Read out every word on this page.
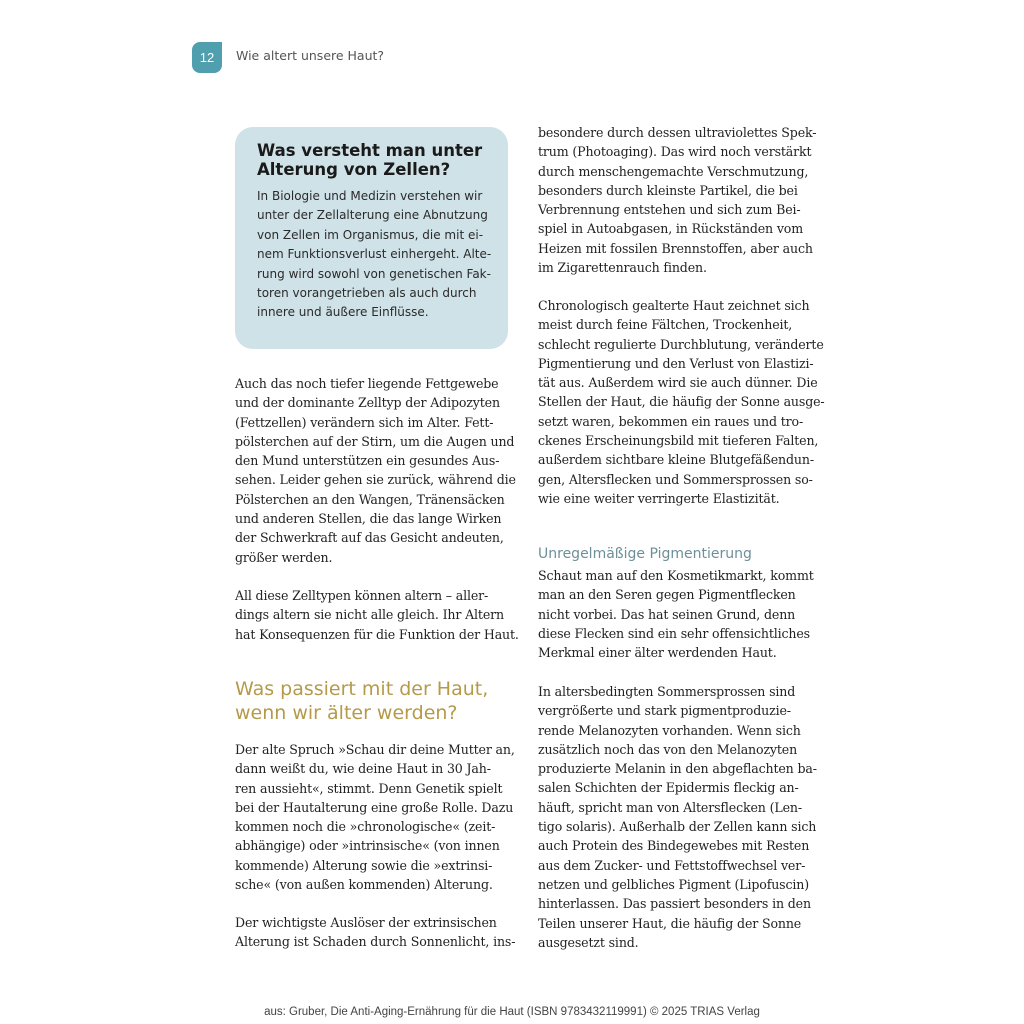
12 Wie altert unsere Haut?
Was versteht man unter
Alterung von Zellen?
In Biologie und Medizin verstehen wir
unter der Zellalterung eine Abnutzung
von Zellen im Organismus, die mit ei-
nem Funktionsverlust einhergeht. Alte-
rung wird sowohl von genetischen Fak-
toren vorangetrieben als auch durch
innere und äußere Einflüsse.
Auch das noch tiefer liegende Fettgewebe
und der dominante Zelltyp der Adipozyten
(Fettzellen) verändern sich im Alter. Fett-
pölsterchen auf der Stirn, um die Augen und
den Mund unterstützen ein gesundes Aus-
sehen. Leider gehen sie zurück, während die
Pölsterchen an den Wangen, Tränensäcken
und anderen Stellen, die das lange Wirken
der Schwerkraft auf das Gesicht andeuten,
größer werden.
All diese Zelltypen können altern – aller-
dings altern sie nicht alle gleich. Ihr Altern
hat Konsequenzen für die Funktion der Haut.
Was passiert mit der Haut,
wenn wir älter werden?
Der alte Spruch »Schau dir deine Mutter an,
dann weißt du, wie deine Haut in 30 Jah-
ren aussieht«, stimmt. Denn Genetik spielt
bei der Hautalterung eine große Rolle. Dazu
kommen noch die »chronologische« (zeit-
abhängige) oder »intrinsische« (von innen
kommende) Alterung sowie die »extrinsi-
sche« (von außen kommenden) Alterung.
Der wichtigste Auslöser der extrinsischen
Alterung ist Schaden durch Sonnenlicht, ins-
besondere durch dessen ultraviolettes Spek-
trum (Photoaging). Das wird noch verstärkt
durch menschengemachte Verschmutzung,
besonders durch kleinste Partikel, die bei
Verbrennung entstehen und sich zum Bei-
spiel in Autoabgasen, in Rückständen vom
Heizen mit fossilen Brennstoffen, aber auch
im Zigarettenrauch finden.
Chronologisch gealterte Haut zeichnet sich
meist durch feine Fältchen, Trockenheit,
schlecht regulierte Durchblutung, veränderte
Pigmentierung und den Verlust von Elastizi-
tät aus. Außerdem wird sie auch dünner. Die
Stellen der Haut, die häufig der Sonne ausge-
setzt waren, bekommen ein raues und tro-
ckenes Erscheinungsbild mit tieferen Falten,
außerdem sichtbare kleine Blutgefäßendun-
gen, Altersflecken und Sommersprossen so-
wie eine weiter verringerte Elastizität.
Unregelmäßige Pigmentierung
Schaut man auf den Kosmetikmarkt, kommt
man an den Seren gegen Pigmentflecken
nicht vorbei. Das hat seinen Grund, denn
diese Flecken sind ein sehr offensichtliches
Merkmal einer älter werdenden Haut.
In altersbedingten Sommersprossen sind
vergrößerte und stark pigmentproduzie-
rende Melanozyten vorhanden. Wenn sich
zusätzlich noch das von den Melanozyten
produzierte Melanin in den abgeflachten ba-
salen Schichten der Epidermis fleckig an-
häuft, spricht man von Altersflecken (Len-
tigo solaris). Außerhalb der Zellen kann sich
auch Protein des Bindegewebes mit Resten
aus dem Zucker- und Fettstoffwechsel ver-
netzen und gelbliches Pigment (Lipofuscin)
hinterlassen. Das passiert besonders in den
Teilen unserer Haut, die häufig der Sonne
ausgesetzt sind.
aus: Gruber, Die Anti-Aging-Ernährung für die Haut (ISBN 9783432119991) © 2025 TRIAS Verlag
